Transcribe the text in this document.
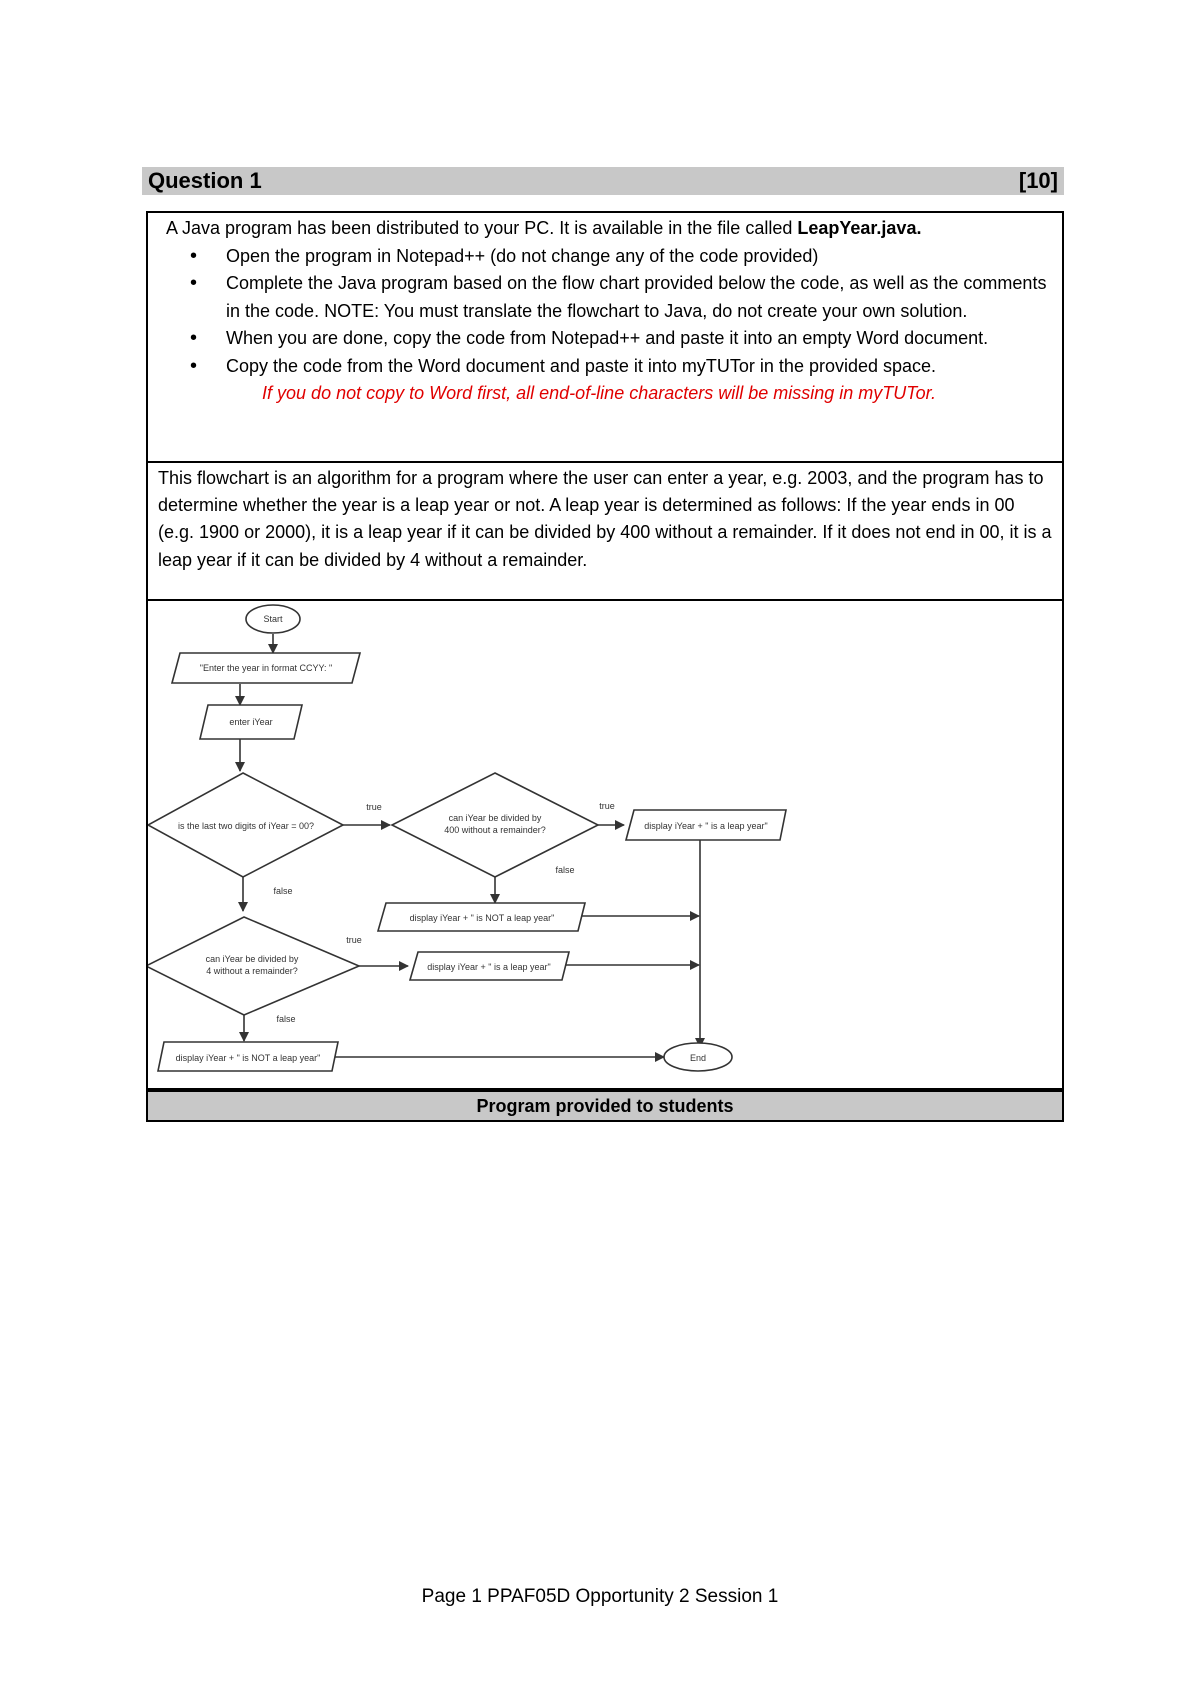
Question 1	[10]
A Java program has been distributed to your PC. It is available in the file called LeapYear.java.
• Open the program in Notepad++ (do not change any of the code provided)
• Complete the Java program based on the flow chart provided below the code, as well as the comments in the code. NOTE: You must translate the flowchart to Java, do not create your own solution.
• When you are done, copy the code from Notepad++ and paste it into an empty Word document.
• Copy the code from the Word document and paste it into myTUTor in the provided space.
If you do not copy to Word first, all end-of-line characters will be missing in myTUTor.
This flowchart is an algorithm for a program where the user can enter a year, e.g. 2003, and the program has to determine whether the year is a leap year or not. A leap year is determined as follows: If the year ends in 00 (e.g. 1900 or 2000), it is a leap year if it can be divided by 400 without a remainder. If it does not end in 00, it is a leap year if it can be divided by 4 without a remainder.
Start
"Enter the year in format CCYY: "
enter iYear
is the last two digits of iYear = 00?
can iYear be divided by
400 without a remainder?	display iYear + " is a leap year"
display iYear + " is NOT a leap year"
can iYear be divided by
4 without a remainder?	display iYear + " is a leap year"
display iYear + " is NOT a leap year"	End
true	true
false
false
true
false
Program provided to students
Page 1 PPAF05D Opportunity 2 Session 1
